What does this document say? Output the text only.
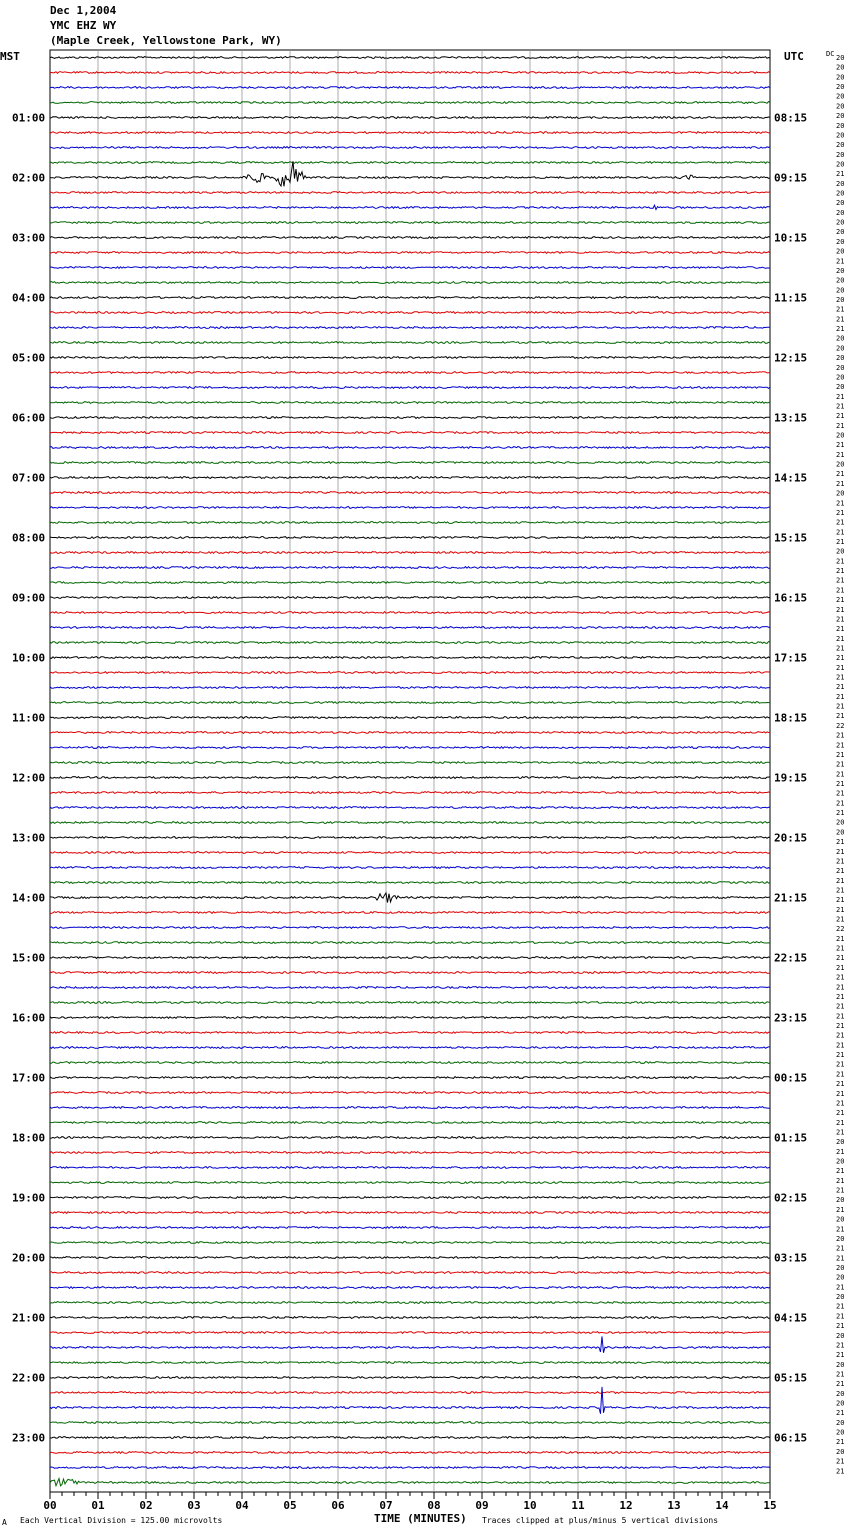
Dec 1,2004
YMC EHZ WY
(Maple Creek, Yellowstone Park, WY)
MST	UTC
01:00	08:15
02:00	09:15
03:00	10:15
04:00	11:15
05:00	12:15
06:00	13:15
07:00	14:15
08:00	15:15
09:00	16:15
10:00	17:15
11:00	18:15
12:00	19:15
13:00	20:15
14:00	21:15
15:00	22:15
16:00	23:15
17:00	00:15
18:00	01:15
19:00	02:15
20:00	03:15
21:00	04:15
22:00	05:15
23:00	06:15
DC 20
20
20
20
20
20
20
20
20
20
20
20
21
20
20
20
20
20
20
20
20
21
20
20
20
20
21
21
21
20
20
20
20
20
20
21
21
21
21
20
21
21
20
21
21
20
21
21
21
21
21
20
21
21
21
21
21
21
21
21
21
21
21
21
21
21
21
21
21
22
21
21
21
21
21
21
21
21
21
20
20
21
21
21
21
21
21
21
21
21
22
21
21
21
21
21
21
21
21
21
21
21
21
21
21
21
21
21
21
21
21
21
20
21
20
21
21
21
20
21
20
21
20
21
21
20
20
21
20
21
21
21
20
21
21
20
21
21
20
20
21
20
20
21
20
21
21
00	01	02	03	04	05	06	07	08	09	10	11	12	13	14	15
A Each Vertical Division = 125.00 microvolts	TIME (MINUTES) Traces clipped at plus/minus 5 vertical divisions
